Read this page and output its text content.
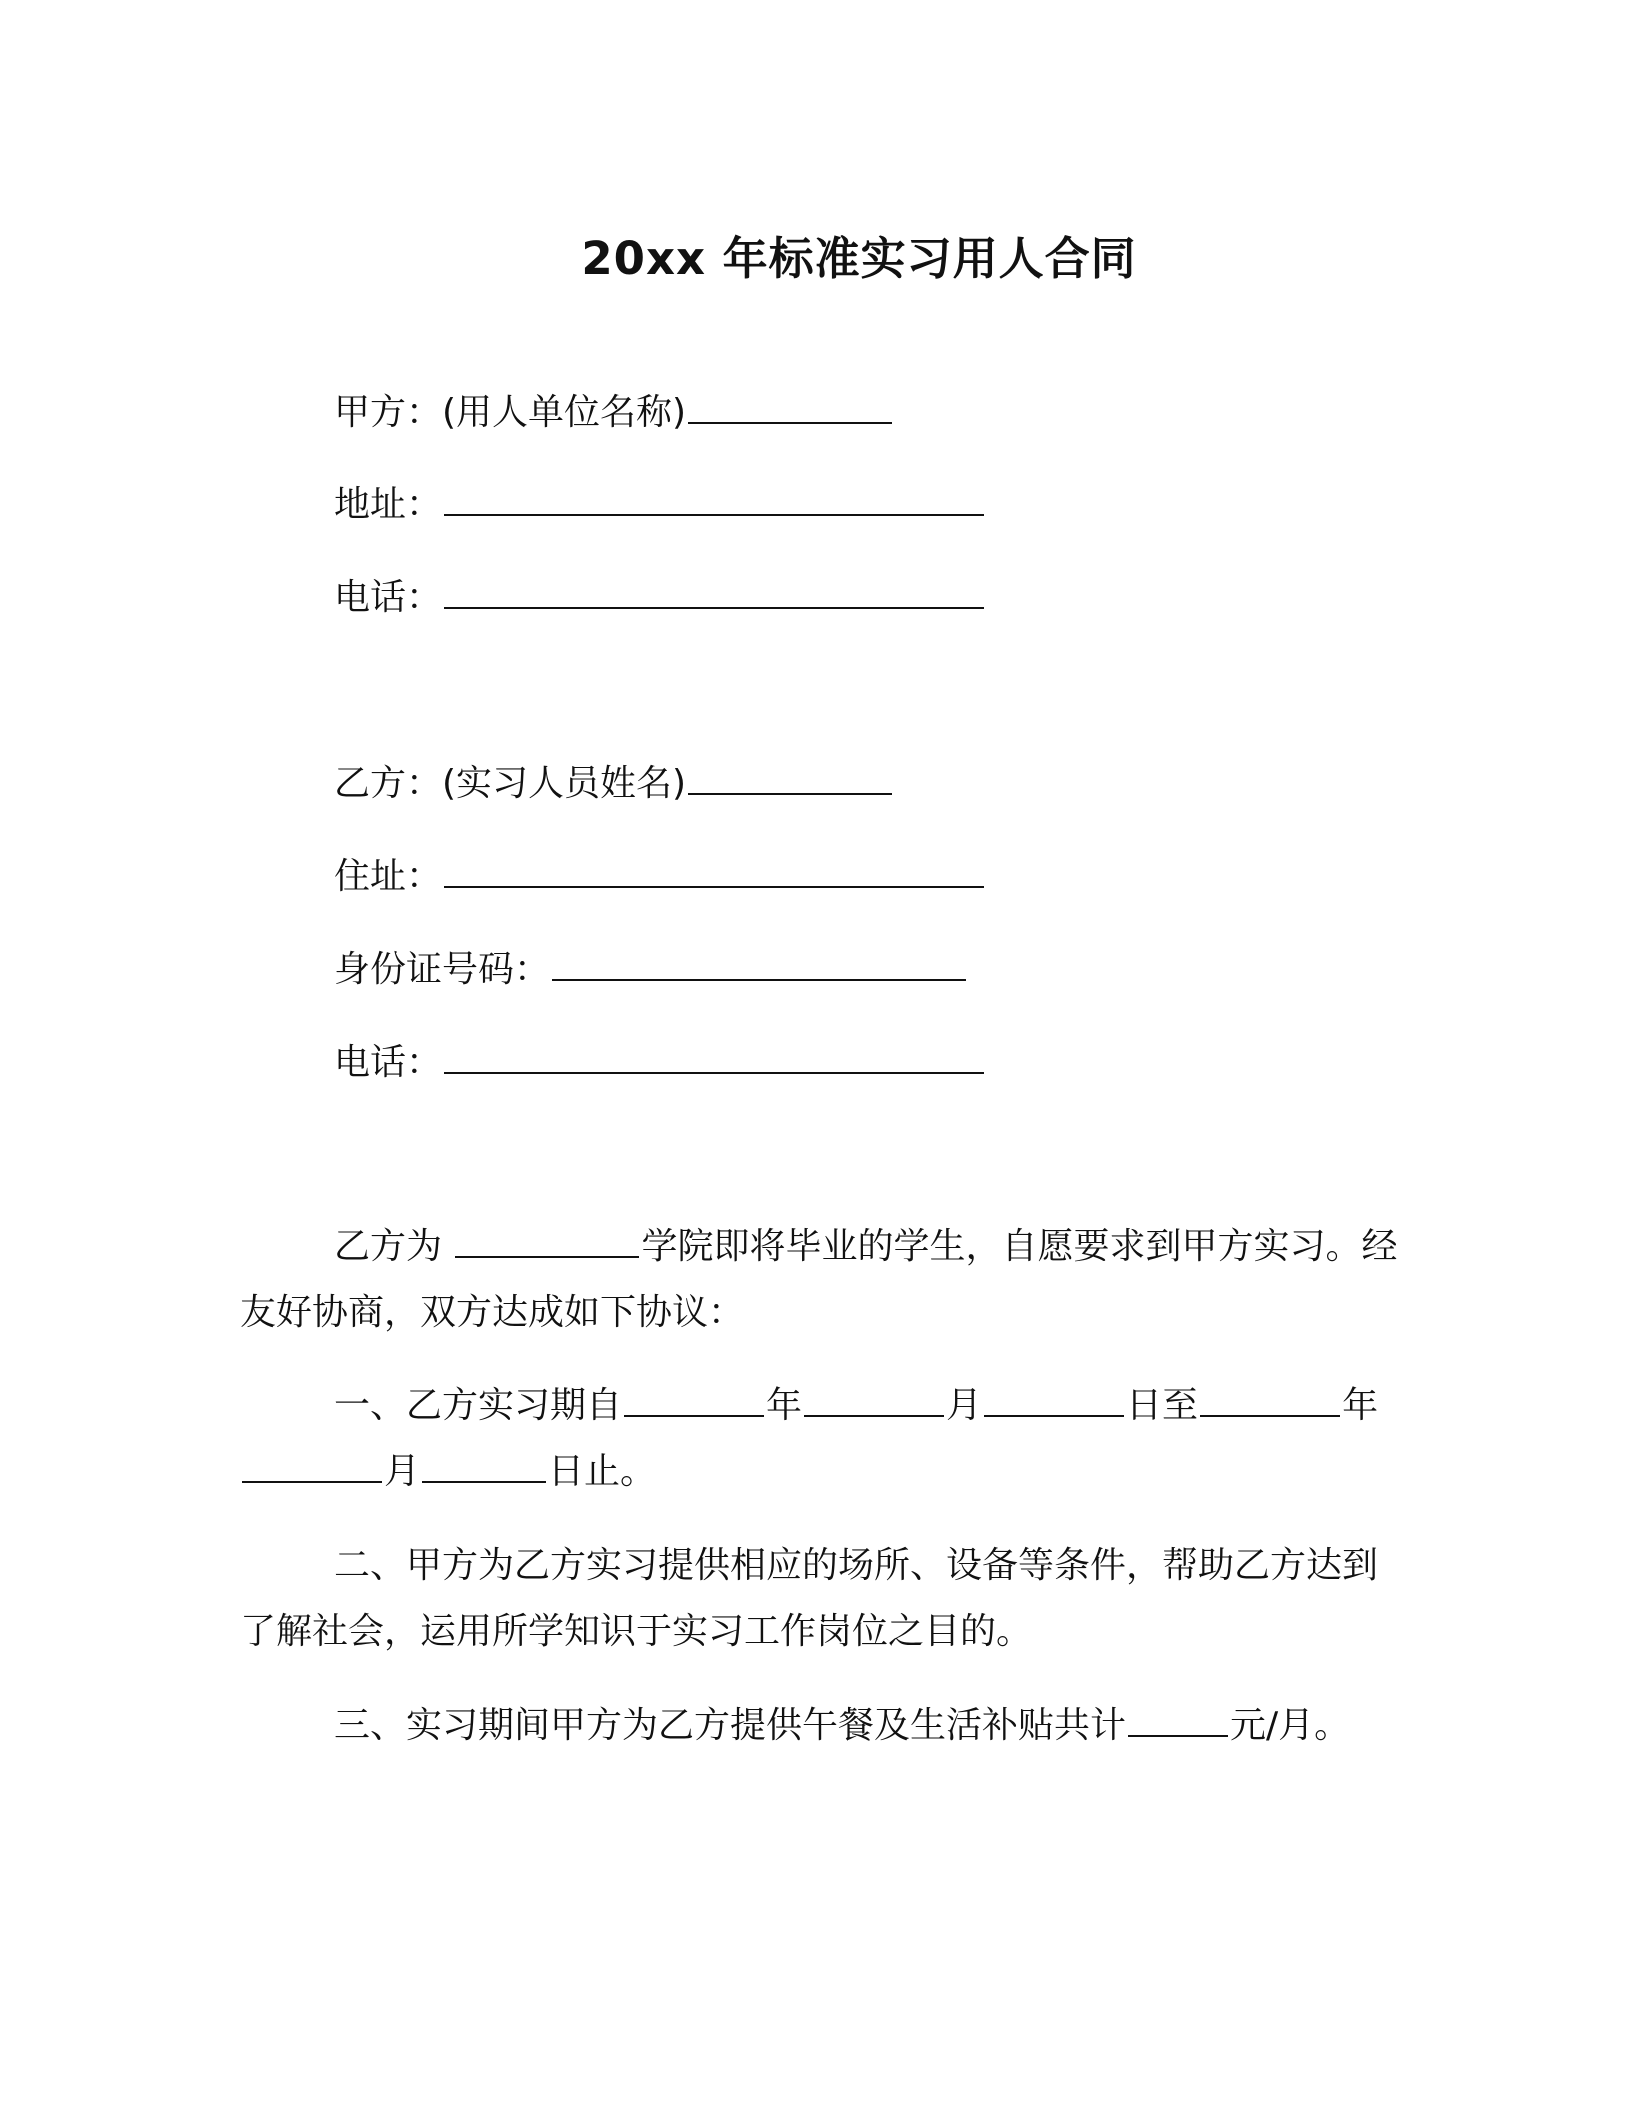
20xx 年标准实习用人合同
甲方：(用人单位名称)
地址：
电话：
乙方：(实习人员姓名)
住址：
身份证号码：
电话：
乙方为	学院即将毕业的学生，自愿要求到甲方实习。经友好协商，双方达成如下协议：
一、乙方实习期自	年	月	日至	年月	日止。
二、甲方为乙方实习提供相应的场所、设备等条件，帮助乙方达到了解社会，运用所学知识于实习工作岗位之目的。
三、实习期间甲方为乙方提供午餐及生活补贴共计	元/月。
